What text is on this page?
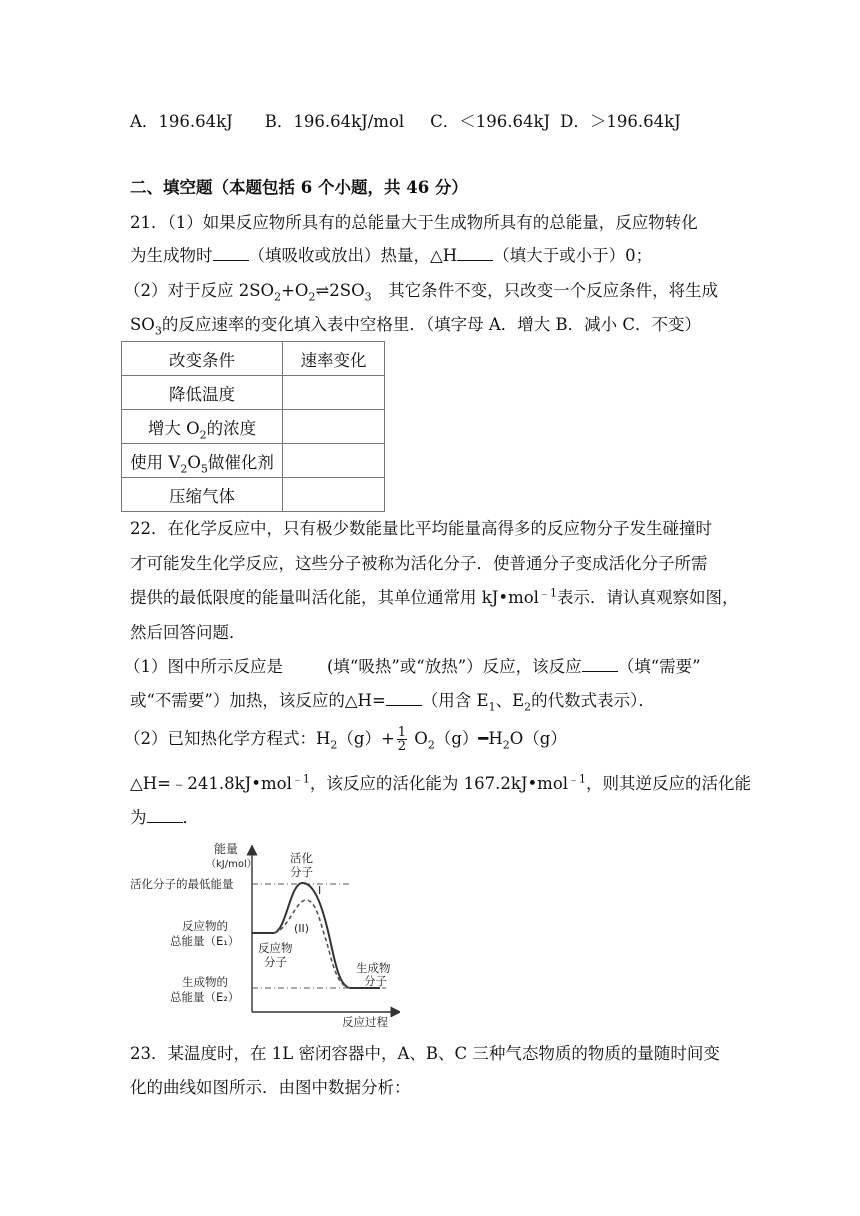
A．196.64kJ B．196.64kJ/mol C．＜196.64kJ D．＞196.64kJ
二、填空题（本题包括 6 个小题，共 46 分）
21．（1）如果反应物所具有的总能量大于生成物所具有的总能量，反应物转化
为生成物时 （填吸收或放出）热量，△H （填大于或小于）0；
（2）对于反应 $2SO_2+O_2\rightleftharpoons 2SO_3$　其它条件不变，只改变一个反应条件，将生成
$SO_3$的反应速率的变化填入表中空格里．（填字母 A．增大 B．减小 C．不变）
改变条件	速率变化
降低温度	
增大 $O_2$的浓度	
使用 $V_2O_5$做催化剂	
压缩气体	
22．在化学反应中，只有极少数能量比平均能量高得多的反应物分子发生碰撞时
才可能发生化学反应，这些分子被称为活化分子．使普通分子变成活化分子所需
提供的最低限度的能量叫活化能，其单位通常用 kJ•mol$^{﹣1}$表示．请认真观察如图，
然后回答问题．
（1）图中所示反应是	(填“吸热”或“放热”）反应，该反应 （填“需要”
或“不需要”）加热，该反应的△H= （用含 $E_1$、$E_2$的代数式表示）．
（2）已知热化学方程式：$H_2(g)+ \frac{1}{2}$ $O_2(g)━H_2O(g)$
△H=﹣241.8kJ•mol$^{﹣1}$，该反应的活化能为 167.2kJ•mol$^{﹣1}$，则其逆反应的活化能
为 ．
能量
（kJ/mol）
活化分子的最低能量
反应物的
总能量（E₁）
生成物的
总能量（E₂）
活化
分子
I
(II)
反应物
分子	生成物
分子
反应过程
23．某温度时，在 1L 密闭容器中，A、B、C 三种气态物质的物质的量随时间变
化的曲线如图所示．由图中数据分析：
